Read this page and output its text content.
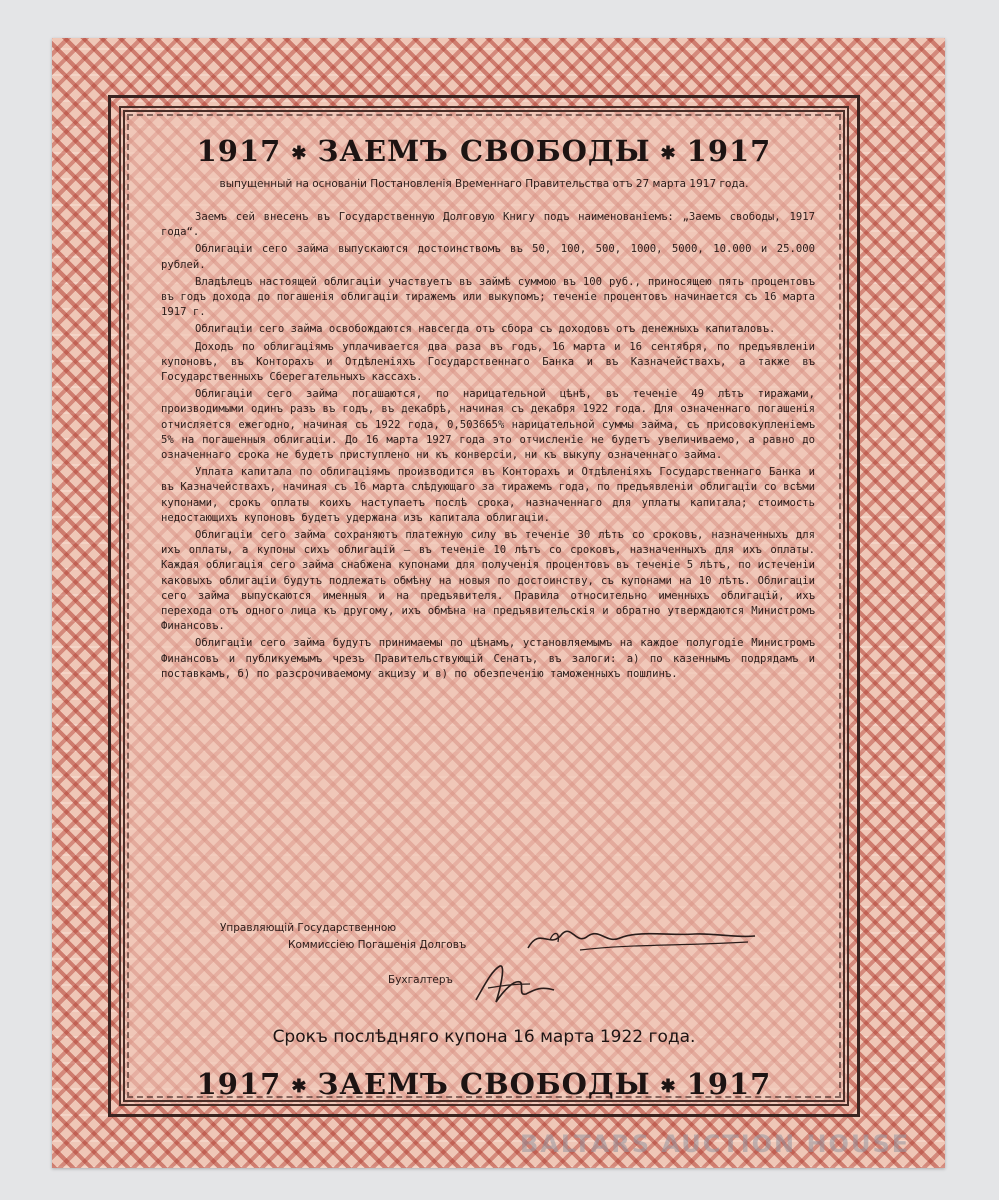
1917 ✱ ЗАЕМЪ СВОБОДЫ ✱ 1917
выпущенный на основаніи Постановленія Временнаго Правительства отъ 27 марта 1917 года.

Заемъ сей внесенъ въ Государственную Долговую Книгу подъ наименованіемъ: „Заемъ свободы, 1917 года“.

Облигаціи сего займа выпускаются достоинствомъ въ 50, 100, 500, 1000, 5000, 10.000 и 25.000 рублей.

Владѣлецъ настоящей облигаціи участвуетъ въ займѣ суммою въ 100 руб., приносящею пять процентовъ въ годъ дохода до погашенія облигаціи тиражемъ или выкупомъ; теченіе процентовъ начинается съ 16 марта 1917 г.

Облигаціи сего займа освобождаются навсегда отъ сбора съ доходовъ отъ денежныхъ капиталовъ.

Доходъ по облигаціямъ уплачивается два раза въ годъ, 16 марта и 16 сентября, по предъявленіи купоновъ, въ Конторахъ и Отдѣленіяхъ Государственнаго Банка и въ Казначействахъ, а также въ Государственныхъ Сберегательныхъ кассахъ.

Облигаціи сего займа погашаются, по нарицательной цѣнѣ, въ теченіе 49 лѣтъ тиражами, производимыми одинъ разъ въ годъ, въ декабрѣ, начиная съ декабря 1922 года. Для означеннаго погашенія отчисляется ежегодно, начиная съ 1922 года, 0,503665% нарицательной суммы займа, съ присовокупленіемъ 5% на погашенныя облигаціи. До 16 марта 1927 года это отчисленіе не будетъ увеличиваемо, а равно до означеннаго срока не будетъ приступлено ни къ конверсіи, ни къ выкупу означеннаго займа.

Уплата капитала по облигаціямъ производится въ Конторахъ и Отдѣленіяхъ Государственнаго Банка и въ Казначействахъ, начиная съ 16 марта слѣдующаго за тиражемъ года, по предъявленіи облигаціи со всѣми купонами, срокъ оплаты коихъ наступаетъ послѣ срока, назначеннаго для уплаты капитала; стоимость недостающихъ купоновъ будетъ удержана изъ капитала облигаціи.

Облигаціи сего займа сохраняютъ платежную силу въ теченіе 30 лѣтъ со сроковъ, назначенныхъ для ихъ оплаты, а купоны сихъ облигацій — въ теченіе 10 лѣтъ со сроковъ, назначенныхъ для ихъ оплаты. Каждая облигація сего займа снабжена купонами для полученія процентовъ въ теченіе 5 лѣтъ, по истеченіи каковыхъ облигаціи будутъ подлежать обмѣну на новыя по достоинству, съ купонами на 10 лѣтъ. Облигаціи сего займа выпускаются именныя и на предъявителя. Правила относительно именныхъ облигацій, ихъ перехода отъ одного лица къ другому, ихъ обмѣна на предъявительскія и обратно утверждаются Министромъ Финансовъ.

Облигаціи сего займа будутъ принимаемы по цѣнамъ, установляемымъ на каждое полугодіе Министромъ Финансовъ и публикуемымъ чрезъ Правительствующій Сенатъ, въ залоги: а) по казеннымъ подрядамъ и поставкамъ, б) по разсрочиваемому акцизу и в) по обезпеченію таможенныхъ пошлинъ.

Управляющій Государственною
Коммиссіею Погашенія Долговъ
Бухгалтеръ
Срокъ послѣдняго купона 16 марта 1922 года.
1917 ✱ ЗАЕМЪ СВОБОДЫ ✱ 1917
BALTARS AUCTION HOUSE
